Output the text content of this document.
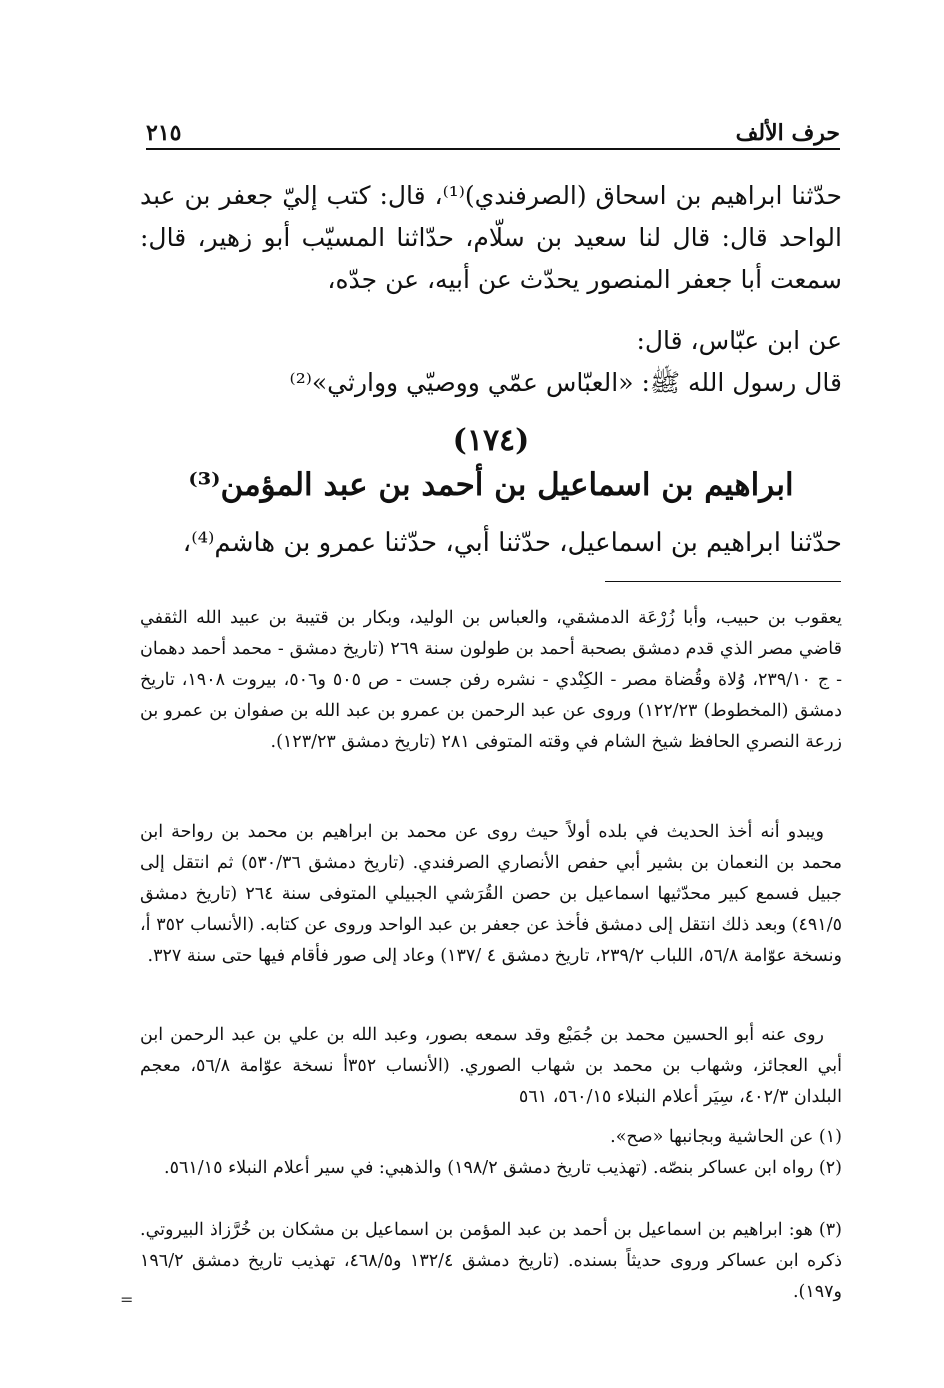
حرف الألف
٢١٥
حدّثنا ابراهيم بن اسحاق (الصرفندي)⁽¹⁾، قال: كتب إليّ جعفر بن عبد الواحد قال: قال لنا سعيد بن سلّام، حدّاثنا المسيّب أبو زهير، قال: سمعت أبا جعفر المنصور يحدّث عن أبيه، عن جدّه،
عن ابن عبّاس، قال:
قال رسول الله ﷺ: «العبّاس عمّي ووصيّي ووارثي»⁽²⁾
(١٧٤)
ابراهيم بن اسماعيل بن أحمد بن عبد المؤمن⁽³⁾
حدّثنا ابراهيم بن اسماعيل، حدّثنا أبي، حدّثنا عمرو بن هاشم⁽⁴⁾،

يعقوب بن حبيب، وأبا زُرْعَة الدمشقي، والعباس بن الوليد، وبكار بن قتيبة بن عبيد الله الثقفي قاضي مصر الذي قدم دمشق بصحبة أحمد بن طولون سنة ٢٦٩ (تاريخ دمشق - محمد أحمد دهمان - ج ٢٣٩/١٠، وُلاة وقُضاة مصر - الكِنْدي - نشره رفن جست - ص ٥٠٥ و٥٠٦، بيروت ١٩٠٨، تاريخ دمشق (المخطوط) ١٢٢/٢٣) وروى عن عبد الرحمن بن عمرو بن عبد الله بن صفوان بن عمرو بن زرعة النصري الحافظ شيخ الشام في وقته المتوفى ٢٨١ (تاريخ دمشق ١٢٣/٢٣).

ويبدو أنه أخذ الحديث في بلده أولاً حيث روى عن محمد بن ابراهيم بن محمد بن رواحة ابن محمد بن النعمان بن بشير أبي حفص الأنصاري الصرفندي. (تاريخ دمشق ٥٣٠/٣٦) ثم انتقل إلى جبيل فسمع كبير محدّثيها اسماعيل بن حصن القُرَشي الجبيلي المتوفى سنة ٢٦٤ (تاريخ دمشق ٤٩١/٥) وبعد ذلك انتقل إلى دمشق فأخذ عن جعفر بن عبد الواحد وروى عن كتابه. (الأنساب ٣٥٢ أ، ونسخة عوّامة ٥٦/٨، اللباب ٢٣٩/٢، تاريخ دمشق ٤ /١٣٧) وعاد إلى صور فأقام فيها حتى سنة ٣٢٧.

روى عنه أبو الحسين محمد بن جُمَيْع وقد سمعه بصور، وعبد الله بن علي بن عبد الرحمن ابن أبي العجائز، وشهاب بن محمد بن شهاب الصوري. (الأنساب ٣٥٢أ نسخة عوّامة ٥٦/٨، معجم البلدان ٤٠٢/٣، سِيَر أعلام النبلاء ٥٦٠/١٥، ٥٦١

(١) عن الحاشية وبجانبها «صح».
(٢) رواه ابن عساكر بنصّه. (تهذيب تاريخ دمشق ١٩٨/٢) والذهبي: في سير أعلام النبلاء ٥٦١/١٥.
(٣) هو: ابراهيم بن اسماعيل بن أحمد بن عبد المؤمن بن اسماعيل بن مشكان بن خُرَّزاذ البيروتي. ذكره ابن عساكر وروى حديثاً بسنده. (تاريخ دمشق ١٣٢/٤ و٤٦٨/٥، تهذيب تاريخ دمشق ١٩٦/٢ و١٩٧).
=
